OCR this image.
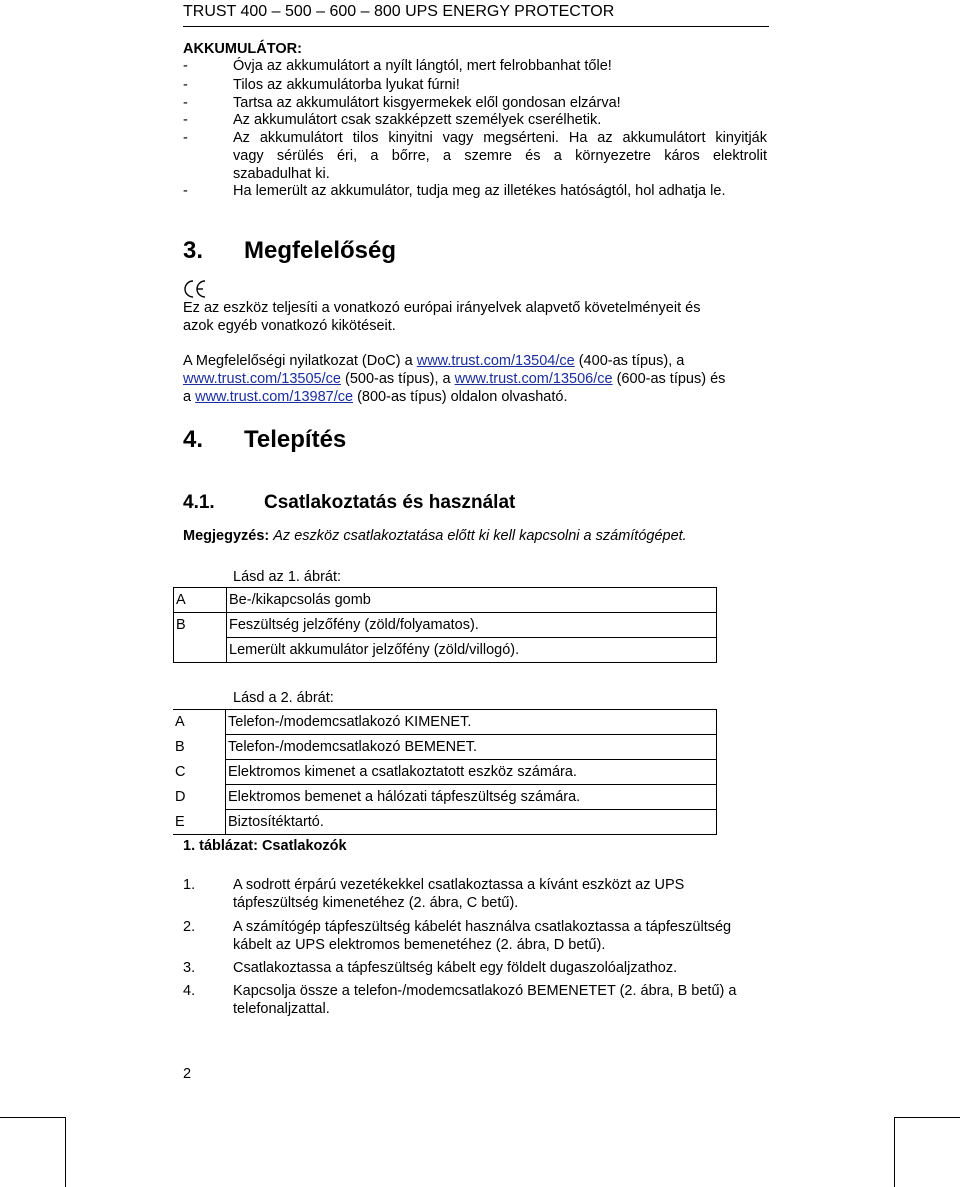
TRUST 400 – 500 – 600 – 800 UPS ENERGY PROTECTOR
AKKUMULÁTOR:
-	Óvja az akkumulátort a nyílt lángtól, mert felrobbanhat tőle!
-	Tilos az akkumulátorba lyukat fúrni!
-	Tartsa az akkumulátort kisgyermekek elől gondosan elzárva!
-	Az akkumulátort csak szakképzett személyek cserélhetik.
-	Az akkumulátort tilos kinyitni vagy megsérteni. Ha az akkumulátort kinyitják
vagy sérülés éri, a bőrre, a szemre és a környezetre káros elektrolit
szabadulhat ki.
-	Ha lemerült az akkumulátor, tudja meg az illetékes hatóságtól, hol adhatja le.
3. Megfelelőség
Ez az eszköz teljesíti a vonatkozó európai irányelvek alapvető követelményeit és
azok egyéb vonatkozó kikötéseit.
A Megfelelőségi nyilatkozat (DoC) a www.trust.com/13504/ce (400-as típus), a
www.trust.com/13505/ce (500-as típus), a www.trust.com/13506/ce (600-as típus) és
a www.trust.com/13987/ce (800-as típus) oldalon olvasható.
4. Telepítés
4.1.	Csatlakoztatás és használat
Megjegyzés: Az eszköz csatlakoztatása előtt ki kell kapcsolni a számítógépet.
Lásd az 1. ábrát:
A	Be-/kikapcsolás gomb
B	Feszültség jelzőfény (zöld/folyamatos).
	Lemerült akkumulátor jelzőfény (zöld/villogó).
Lásd a 2. ábrát:
A	Telefon-/modemcsatlakozó KIMENET.
B	Telefon-/modemcsatlakozó BEMENET.
C	Elektromos kimenet a csatlakoztatott eszköz számára.
D	Elektromos bemenet a hálózati tápfeszültség számára.
E	Biztosítéktartó.
1. táblázat: Csatlakozók
1.	A sodrott érpárú vezetékekkel csatlakoztassa a kívánt eszközt az UPS
tápfeszültség kimenetéhez (2. ábra, C betű).
2.	A számítógép tápfeszültség kábelét használva csatlakoztassa a tápfeszültség
kábelt az UPS elektromos bemenetéhez (2. ábra, D betű).
3.	Csatlakoztassa a tápfeszültség kábelt egy földelt dugaszolóaljzathoz.
4.	Kapcsolja össze a telefon-/modemcsatlakozó BEMENETET (2. ábra, B betű) a
telefonaljzattal.
2
